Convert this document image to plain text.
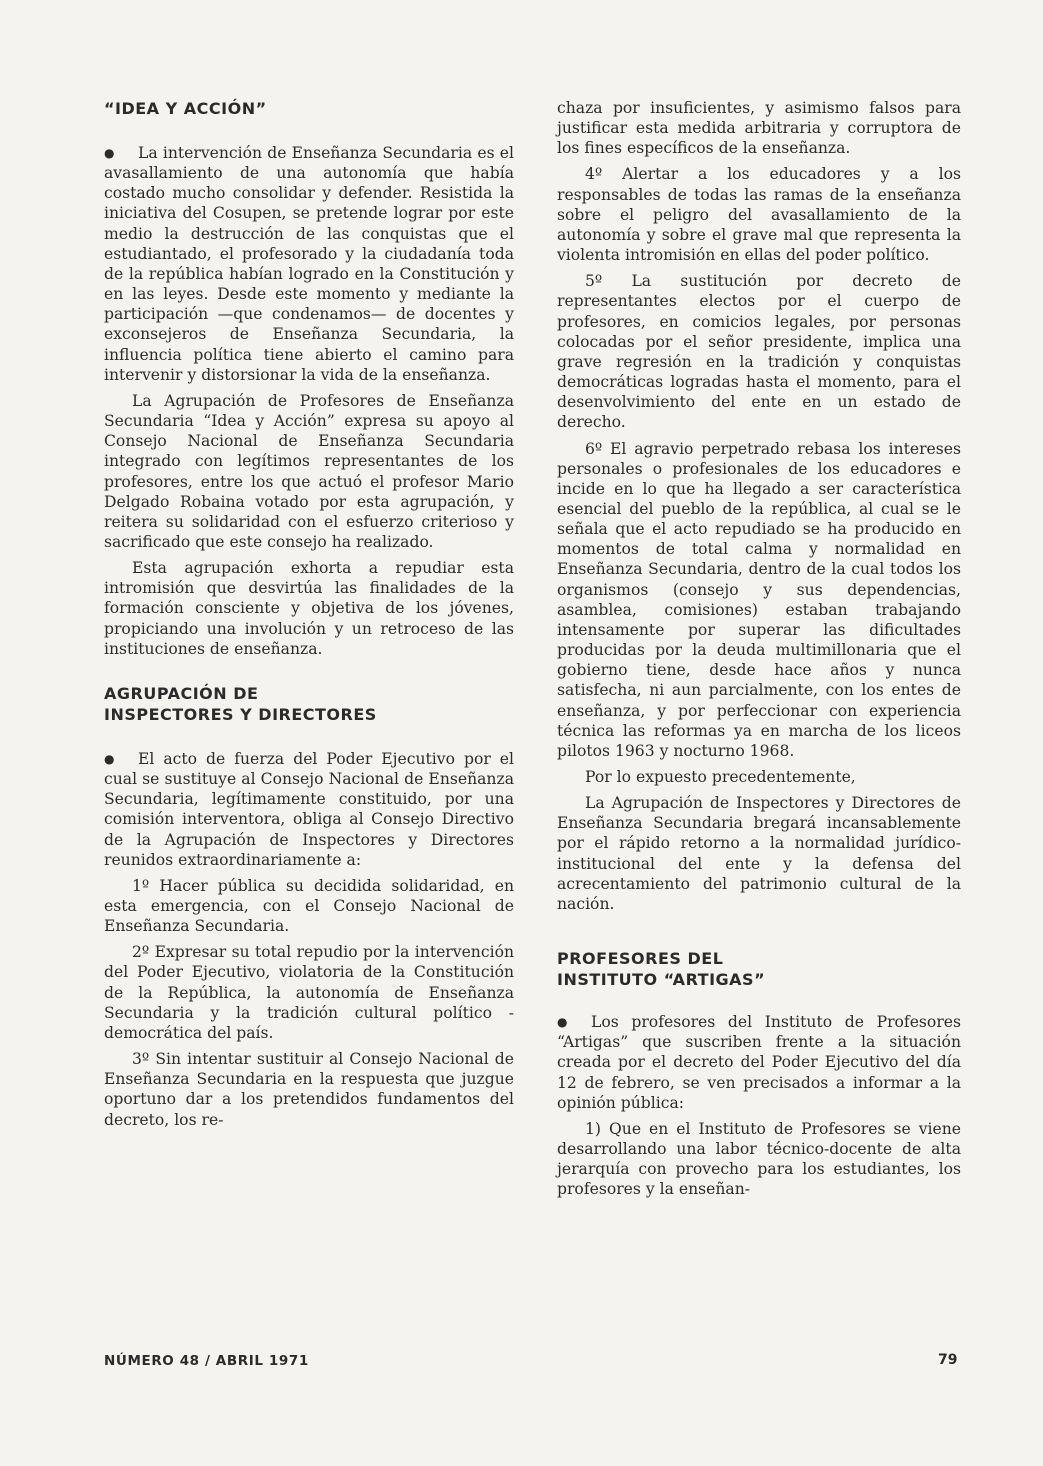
“IDEA Y ACCIÓN”

● La intervención de Enseñanza Secundaria es el avasallamiento de una autonomía que había costado mucho consolidar y defender. Resistida la iniciativa del Cosupen, se pretende lograr por este medio la destrucción de las conquistas que el estudiantado, el profesorado y la ciudadanía toda de la república habían logrado en la Constitución y en las leyes. Desde este momento y mediante la participación —que condenamos— de docentes y exconsejeros de Enseñanza Secundaria, la influencia política tiene abierto el camino para intervenir y distorsionar la vida de la enseñanza.

La Agrupación de Profesores de Enseñanza Secundaria “Idea y Acción” expresa su apoyo al Consejo Nacional de Enseñanza Secundaria integrado con legítimos representantes de los profesores, entre los que actuó el profesor Mario Delgado Robaina votado por esta agrupación, y reitera su solidaridad con el esfuerzo criterioso y sacrificado que este consejo ha realizado.

Esta agrupación exhorta a repudiar esta intromisión que desvirtúa las finalidades de la formación consciente y objetiva de los jóvenes, propiciando una involución y un retroceso de las instituciones de enseñanza.

AGRUPACIÓN DE
INSPECTORES Y DIRECTORES

● El acto de fuerza del Poder Ejecutivo por el cual se sustituye al Consejo Nacional de Enseñanza Secundaria, legítimamente constituido, por una comisión interventora, obliga al Consejo Directivo de la Agrupación de Inspectores y Directores reunidos extraordinariamente a:

1º Hacer pública su decidida solidaridad, en esta emergencia, con el Consejo Nacional de Enseñanza Secundaria.

2º Expresar su total repudio por la intervención del Poder Ejecutivo, violatoria de la Constitución de la República, la autonomía de Enseñanza Secundaria y la tradición cultural político - democrática del país.

3º Sin intentar sustituir al Consejo Nacional de Enseñanza Secundaria en la respuesta que juzgue oportuno dar a los pretendidos fundamentos del decreto, los re-

chaza por insuficientes, y asimismo falsos para justificar esta medida arbitraria y corruptora de los fines específicos de la enseñanza.

4º Alertar a los educadores y a los responsables de todas las ramas de la enseñanza sobre el peligro del avasallamiento de la autonomía y sobre el grave mal que representa la violenta intromisión en ellas del poder político.

5º La sustitución por decreto de representantes electos por el cuerpo de profesores, en comicios legales, por personas colocadas por el señor presidente, implica una grave regresión en la tradición y conquistas democráticas logradas hasta el momento, para el desenvolvimiento del ente en un estado de derecho.

6º El agravio perpetrado rebasa los intereses personales o profesionales de los educadores e incide en lo que ha llegado a ser característica esencial del pueblo de la república, al cual se le señala que el acto repudiado se ha producido en momentos de total calma y normalidad en Enseñanza Secundaria, dentro de la cual todos los organismos (consejo y sus dependencias, asamblea, comisiones) estaban trabajando intensamente por superar las dificultades producidas por la deuda multimillonaria que el gobierno tiene, desde hace años y nunca satisfecha, ni aun parcialmente, con los entes de enseñanza, y por perfeccionar con experiencia técnica las reformas ya en marcha de los liceos pilotos 1963 y nocturno 1968.

Por lo expuesto precedentemente,

La Agrupación de Inspectores y Directores de Enseñanza Secundaria bregará incansablemente por el rápido retorno a la normalidad jurídico-institucional del ente y la defensa del acrecentamiento del patrimonio cultural de la nación.

PROFESORES DEL
INSTITUTO “ARTIGAS”

● Los profesores del Instituto de Profesores “Artigas” que suscriben frente a la situación creada por el decreto del Poder Ejecutivo del día 12 de febrero, se ven precisados a informar a la opinión pública:

1) Que en el Instituto de Profesores se viene desarrollando una labor técnico-docente de alta jerarquía con provecho para los estudiantes, los profesores y la enseñan-

NÚMERO 48 / ABRIL 1971	79
